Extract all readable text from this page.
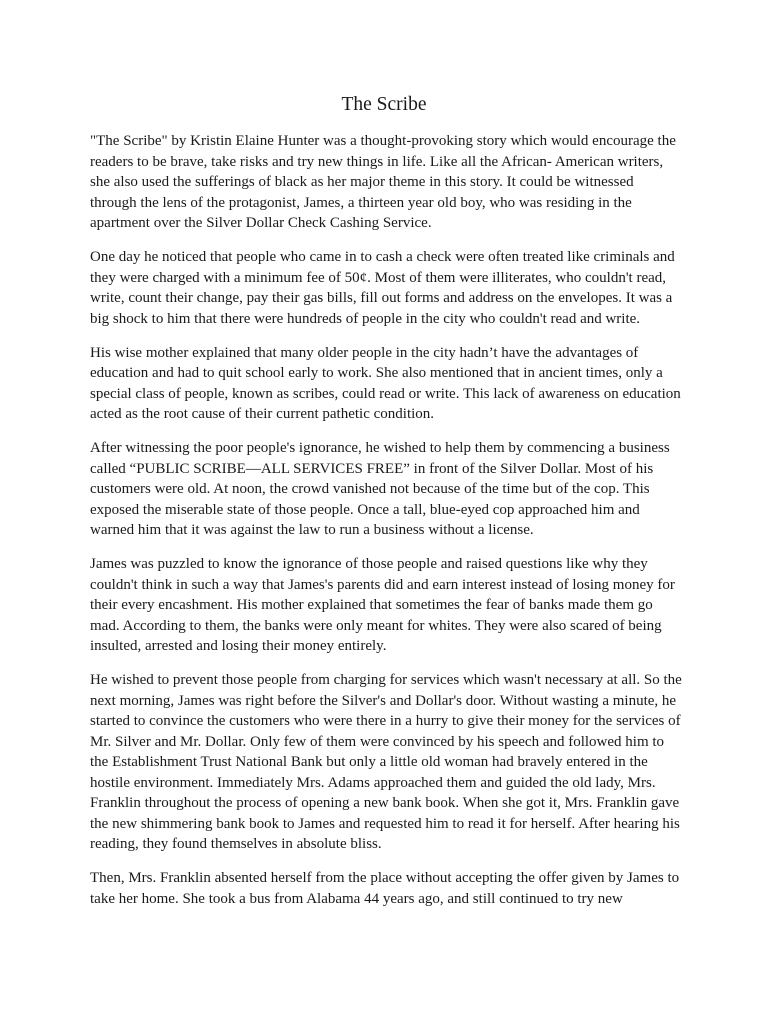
The Scribe

"The Scribe" by Kristin Elaine Hunter was a thought-provoking story which would encourage the readers to be brave, take risks and try new things in life. Like all the African- American writers, she also used the sufferings of black as her major theme in this story. It could be witnessed through the lens of the protagonist, James, a thirteen year old boy, who was residing in the apartment over the Silver Dollar Check Cashing Service.

One day he noticed that people who came in to cash a check were often treated like criminals and they were charged with a minimum fee of 50¢. Most of them were illiterates, who couldn't read, write, count their change, pay their gas bills, fill out forms and address on the envelopes. It was a big shock to him that there were hundreds of people in the city who couldn't read and write.

His wise mother explained that many older people in the city hadn’t have the advantages of education and had to quit school early to work. She also mentioned that in ancient times, only a special class of people, known as scribes, could read or write. This lack of awareness on education acted as the root cause of their current pathetic condition.

After witnessing the poor people's ignorance, he wished to help them by commencing a business called “PUBLIC SCRIBE—ALL SERVICES FREE” in front of the Silver Dollar. Most of his customers were old. At noon, the crowd vanished not because of the time but of the cop. This exposed the miserable state of those people. Once a tall, blue-eyed cop approached him and warned him that it was against the law to run a business without a license.

James was puzzled to know the ignorance of those people and raised questions like why they couldn't think in such a way that James's parents did and earn interest instead of losing money for their every encashment. His mother explained that sometimes the fear of banks made them go mad. According to them, the banks were only meant for whites. They were also scared of being insulted, arrested and losing their money entirely.

He wished to prevent those people from charging for services which wasn't necessary at all. So the next morning, James was right before the Silver's and Dollar's door. Without wasting a minute, he started to convince the customers who were there in a hurry to give their money for the services of Mr. Silver and Mr. Dollar. Only few of them were convinced by his speech and followed him to the Establishment Trust National Bank but only a little old woman had bravely entered in the hostile environment. Immediately Mrs. Adams approached them and guided the old lady, Mrs. Franklin throughout the process of opening a new bank book. When she got it, Mrs. Franklin gave the new shimmering bank book to James and requested him to read it for herself. After hearing his reading, they found themselves in absolute bliss.

Then, Mrs. Franklin absented herself from the place without accepting the offer given by James to take her home. She took a bus from Alabama 44 years ago, and still continued to try new
